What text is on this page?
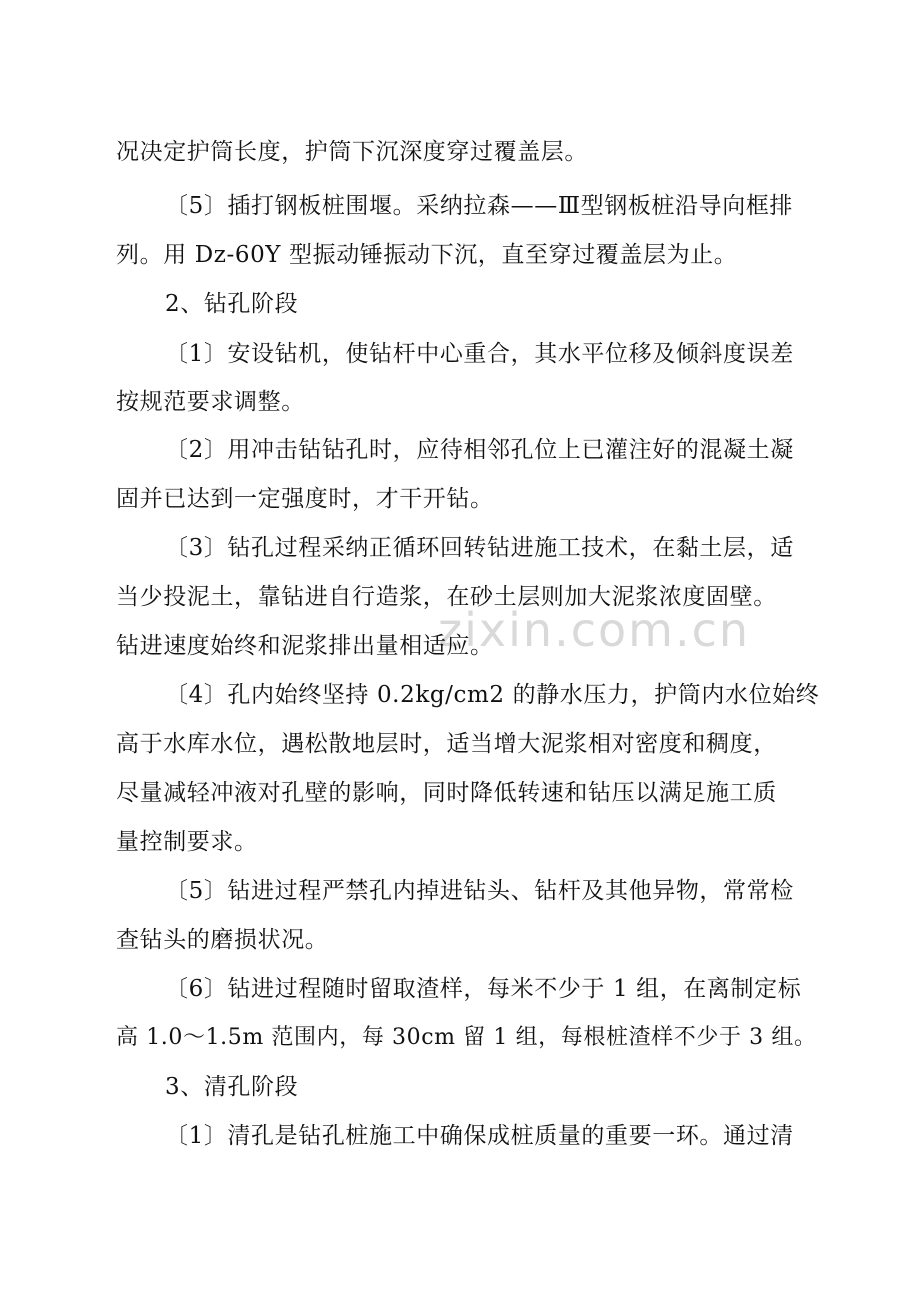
zixin.com.cn
况决定护筒长度，护筒下沉深度穿过覆盖层。
〔5〕插打钢板桩围堰。采纳拉森——Ⅲ型钢板桩沿导向框排
列。用 Dz-60Y 型振动锤振动下沉，直至穿过覆盖层为止。
2、钻孔阶段
〔1〕安设钻机，使钻杆中心重合，其水平位移及倾斜度误差
按规范要求调整。
〔2〕用冲击钻钻孔时，应待相邻孔位上已灌注好的混凝土凝
固并已达到一定强度时，才干开钻。
〔3〕钻孔过程采纳正循环回转钻进施工技术，在黏土层，适
当少投泥土，靠钻进自行造浆，在砂土层则加大泥浆浓度固壁。
钻进速度始终和泥浆排出量相适应。
〔4〕孔内始终坚持 0.2kg/cm2 的静水压力，护筒内水位始终
高于水库水位，遇松散地层时，适当增大泥浆相对密度和稠度，
尽量减轻冲液对孔壁的影响，同时降低转速和钻压以满足施工质
量控制要求。
〔5〕钻进过程严禁孔内掉进钻头、钻杆及其他异物，常常检
查钻头的磨损状况。
〔6〕钻进过程随时留取渣样，每米不少于 1 组，在离制定标
高 1.0～1.5m 范围内，每 30cm 留 1 组，每根桩渣样不少于 3 组。
3、清孔阶段
〔1〕清孔是钻孔桩施工中确保成桩质量的重要一环。通过清
